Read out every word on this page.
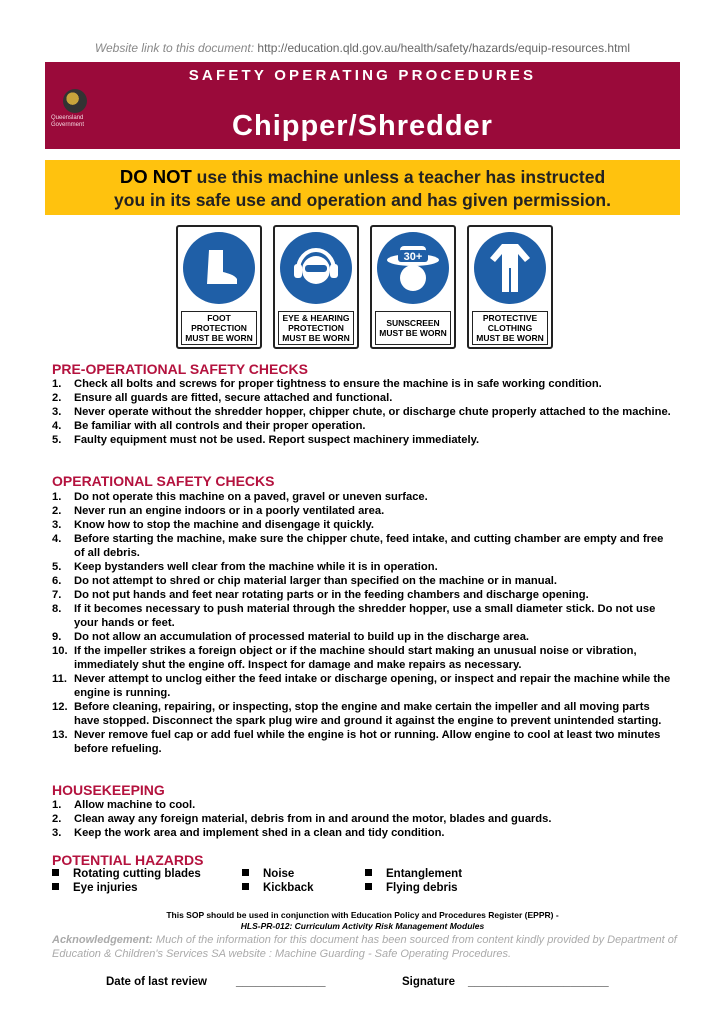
Website link to this document: http://education.qld.gov.au/health/safety/hazards/equip-resources.html
SAFETY OPERATING PROCEDURES
Queensland
Government	Chipper/Shredder
DO NOT use this machine unless a teacher has instructed
you in its safe use and operation and has given permission.
FOOT
PROTECTION
MUST BE WORN
EYE & HEARING
PROTECTION
MUST BE WORN
30+
SUNSCREEN
MUST BE WORN
PROTECTIVE
CLOTHING
MUST BE WORN
PRE-OPERATIONAL SAFETY CHECKS
1. Check all bolts and screws for proper tightness to ensure the machine is in safe working condition.
2. Ensure all guards are fitted, secure attached and functional.
3. Never operate without the shredder hopper, chipper chute, or discharge chute properly attached to the machine.
4. Be familiar with all controls and their proper operation.
5. Faulty equipment must not be used. Report suspect machinery immediately.
OPERATIONAL SAFETY CHECKS
1. Do not operate this machine on a paved, gravel or uneven surface.
2. Never run an engine indoors or in a poorly ventilated area.
3. Know how to stop the machine and disengage it quickly.
4. Before starting the machine, make sure the chipper chute, feed intake, and cutting chamber are empty and free of all debris.
5. Keep bystanders well clear from the machine while it is in operation.
6. Do not attempt to shred or chip material larger than specified on the machine or in manual.
7. Do not put hands and feet near rotating parts or in the feeding chambers and discharge opening.
8. If it becomes necessary to push material through the shredder hopper, use a small diameter stick. Do not use your hands or feet.
9. Do not allow an accumulation of processed material to build up in the discharge area.
10. If the impeller strikes a foreign object or if the machine should start making an unusual noise or vibration, immediately shut the engine off. Inspect for damage and make repairs as necessary.
11. Never attempt to unclog either the feed intake or discharge opening, or inspect and repair the machine while the engine is running.
12. Before cleaning, repairing, or inspecting, stop the engine and make certain the impeller and all moving parts have stopped. Disconnect the spark plug wire and ground it against the engine to prevent unintended starting.
13. Never remove fuel cap or add fuel while the engine is hot or running. Allow engine to cool at least two minutes before refueling.
HOUSEKEEPING
1. Allow machine to cool.
2. Clean away any foreign material, debris from in and around the motor, blades and guards.
3. Keep the work area and implement shed in a clean and tidy condition.
POTENTIAL HAZARDS
Rotating cutting blades	Noise	Entanglement
Eye injuries	Kickback	Flying debris
This SOP should be used in conjunction with Education Policy and Procedures Register (EPPR) -
HLS-PR-012: Curriculum Activity Risk Management Modules
Acknowledgement: Much of the information for this document has been sourced from content kindly provided by Department of Education & Children's Services SA website : Machine Guarding - Safe Operating Procedures.
Date of last review	______________	Signature ______________________
